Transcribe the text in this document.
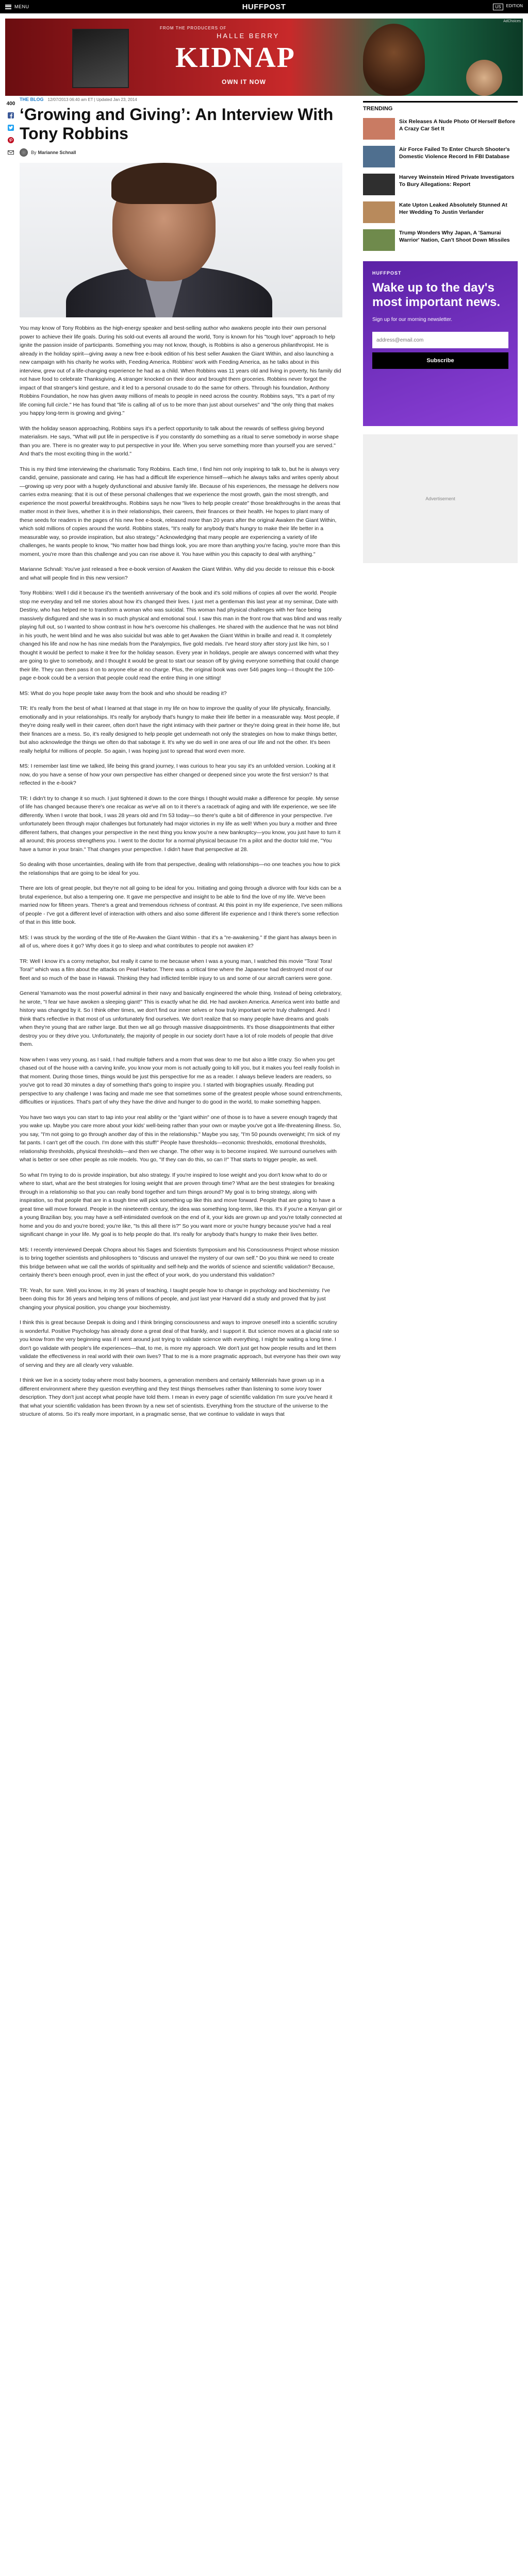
MENU	HUFFPOST	US	EDITION
AdChoices
FROM THE PRODUCERS OF
HALLE BERRY
KIDNAP
OWN IT NOW
400
THE BLOG 12/07/2013 06:40 am ET | Updated Jan 23, 2014
‘Growing and Giving’: An Interview With Tony Robbins
By Marianne Schnall

You may know of Tony Robbins as the high-energy speaker and best-selling author who awakens people into their own personal power to achieve their life goals. During his sold-out events all around the world, Tony is known for his "tough love" approach to help ignite the passion inside of participants. Something you may not know, though, is Robbins is also a generous philanthropist. He is already in the holiday spirit—giving away a new free e-book edition of his best seller Awaken the Giant Within, and also launching a new campaign with his charity he works with, Feeding America. Robbins' work with Feeding America, as he talks about in this interview, grew out of a life-changing experience he had as a child. When Robbins was 11 years old and living in poverty, his family did not have food to celebrate Thanksgiving. A stranger knocked on their door and brought them groceries. Robbins never forgot the impact of that stranger's kind gesture, and it led to a personal crusade to do the same for others. Through his foundation, Anthony Robbins Foundation, he now has given away millions of meals to people in need across the country. Robbins says, "It's a part of my life coming full circle." He has found that "life is calling all of us to be more than just about ourselves" and "the only thing that makes you happy long-term is growing and giving."

With the holiday season approaching, Robbins says it's a perfect opportunity to talk about the rewards of selfless giving beyond materialism. He says, "What will put life in perspective is if you constantly do something as a ritual to serve somebody in worse shape than you are. There is no greater way to put perspective in your life. When you serve something more than yourself you are served." And that's the most exciting thing in the world."

This is my third time interviewing the charismatic Tony Robbins. Each time, I find him not only inspiring to talk to, but he is always very candid, genuine, passionate and caring. He has had a difficult life experience himself—which he always talks and writes openly about—growing up very poor with a hugely dysfunctional and abusive family life. Because of his experiences, the message he delivers now carries extra meaning: that it is out of these personal challenges that we experience the most growth, gain the most strength, and experience the most powerful breakthroughs. Robbins says he now "lives to help people create" those breakthroughs in the areas that matter most in their lives, whether it is in their relationships, their careers, their finances or their health. He hopes to plant many of these seeds for readers in the pages of his new free e-book, released more than 20 years after the original Awaken the Giant Within, which sold millions of copies around the world. Robbins states, "It's really for anybody that's hungry to make their life better in a measurable way, so provide inspiration, but also strategy." Acknowledging that many people are experiencing a variety of life challenges, he wants people to know, "No matter how bad things look, you are more than anything you're facing, you're more than this moment, you're more than this challenge and you can rise above it. You have within you this capacity to deal with anything."

Marianne Schnall: You've just released a free e-book version of Awaken the Giant Within. Why did you decide to reissue this e-book and what will people find in this new version?

Tony Robbins: Well I did it because it's the twentieth anniversary of the book and it's sold millions of copies all over the world. People stop me everyday and tell me stories about how it's changed their lives. I just met a gentleman this last year at my seminar, Date with Destiny, who has helped me to transform a woman who was suicidal. This woman had physical challenges with her face being massively disfigured and she was in so much physical and emotional soul. I saw this man in the front row that was blind and was really playing full out, so I wanted to show contrast in how he's overcome his challenges. He shared with the audience that he was not blind in his youth, he went blind and he was also suicidal but was able to get Awaken the Giant Within in braille and read it. It completely changed his life and now he has nine medals from the Paralympics, five gold medals. I've heard story after story just like him, so I thought it would be perfect to make it free for the holiday season. Every year in holidays, people are always concerned with what they are going to give to somebody, and I thought it would be great to start our season off by giving everyone something that could change their life. They can then pass it on to anyone else at no charge. Plus, the original book was over 546 pages long—I thought the 100-page e-book could be a version that people could read the entire thing in one sitting!

MS: What do you hope people take away from the book and who should be reading it?

TR: It's really from the best of what I learned at that stage in my life on how to improve the quality of your life physically, financially, emotionally and in your relationships. It's really for anybody that's hungry to make their life better in a measurable way. Most people, if they're doing really well in their career, often don't have the right intimacy with their partner or they're doing great in their home life, but their finances are a mess. So, it's really designed to help people get underneath not only the strategies on how to make things better, but also acknowledge the things we often do that sabotage it. It's why we do well in one area of our life and not the other. It's been really helpful for millions of people. So again, I was hoping just to spread that word even more.

MS: I remember last time we talked, life being this grand journey, I was curious to hear you say it's an unfolded version. Looking at it now, do you have a sense of how your own perspective has either changed or deepened since you wrote the first version? Is that reflected in the e-book?

TR: I didn't try to change it so much. I just tightened it down to the core things I thought would make a difference for people. My sense of life has changed because there's one recalcar as we've all on to it there's a racetrack of aging and with life experience, we see life differently. When I wrote that book, I was 28 years old and I'm 53 today—so there's quite a bit of difference in your perspective. I've unfortunately been through major challenges but fortunately had major victories in my life as well! When you bury a mother and three different fathers, that changes your perspective in the next thing you know you're a new bankruptcy—you know, you just have to turn it all around; this process strengthens you. I went to the doctor for a normal physical because I'm a pilot and the doctor told me, "You have a tumor in your brain." That changes your perspective. I didn't have that perspective at 28.

So dealing with those uncertainties, dealing with life from that perspective, dealing with relationships—no one teaches you how to pick the relationships that are going to be ideal for you.

There are lots of great people, but they're not all going to be ideal for you. Initiating and going through a divorce with four kids can be a brutal experience, but also a tempering one. It gave me perspective and insight to be able to find the love of my life. We've been married now for fifteen years. There's a great and tremendous richness of contrast. At this point in my life experience, I've seen millions of people - I've got a different level of interaction with others and also some different life experience and I think there's some reflection of that in this little book.

MS: I was struck by the wording of the title of Re-Awaken the Giant Within - that it's a "re-awakening." If the giant has always been in all of us, where does it go? Why does it go to sleep and what contributes to people not awaken it?

TR: Well I know it's a corny metaphor, but really it came to me because when I was a young man, I watched this movie "Tora! Tora! Tora!" which was a film about the attacks on Pearl Harbor. There was a critical time where the Japanese had destroyed most of our fleet and so much of the base in Hawaii. Thinking they had inflicted terrible injury to us and some of our aircraft carriers were gone.

General Yamamoto was the most powerful admiral in their navy and basically engineered the whole thing. Instead of being celebratory, he wrote, "I fear we have awoken a sleeping giant!" This is exactly what he did. He had awoken America. America went into battle and history was changed by it. So I think other times, we don't find our inner selves or how truly important we're truly challenged. And I think that's reflective in that most of us unfortunately find ourselves. We don't realize that so many people have dreams and goals when they're young that are rather large. But then we all go through massive disappointments. It's those disappointments that either destroy you or they drive you. Unfortunately, the majority of people in our society don't have a lot of role models of people that drive them.

Now when I was very young, as I said, I had multiple fathers and a mom that was dear to me but also a little crazy. So when you get chased out of the house with a carving knife, you know your mom is not actually going to kill you, but it makes you feel really foolish in that moment. During those times, things would be just this perspective for me as a reader. I always believe leaders are readers, so you've got to read 30 minutes a day of something that's going to inspire you. I started with biographies usually. Reading put perspective to any challenge I was facing and made me see that sometimes some of the greatest people whose sound entrenchments, difficulties or injustices. That's part of why they have the drive and hunger to do good in the world, to make something happen.

You have two ways you can start to tap into your real ability or the "giant within" one of those is to have a severe enough tragedy that you wake up. Maybe you care more about your kids' well-being rather than your own or maybe you've got a life-threatening illness. So, you say, "I'm not going to go through another day of this in the relationship." Maybe you say, "I'm 50 pounds overweight; I'm sick of my fat pants. I can't get off the couch. I'm done with this stuff!" People have thresholds—economic thresholds, emotional thresholds, relationship thresholds, physical thresholds—and then we change. The other way is to become inspired. We surround ourselves with what is better or see other people as role models. You go, "If they can do this, so can I!" That starts to trigger people, as well.

So what I'm trying to do is provide inspiration, but also strategy. If you're inspired to lose weight and you don't know what to do or where to start, what are the best strategies for losing weight that are proven through time? What are the best strategies for breaking through in a relationship so that you can really bond together and turn things around? My goal is to bring strategy, along with inspiration, so that people that are in a tough time will pick something up like this and move forward. People that are going to have a great time will move forward. People in the nineteenth century, the idea was something long-term, like this. It's if you're a Kenyan girl or a young Brazilian boy, you may have a self-intimidated overlook on the end of it, your kids are grown up and you're totally connected at home and you do and you're bored; you're like, "Is this all there is?" So you want more or you're hungry because you've had a real significant change in your life. My goal is to help people do that. It's really for anybody that's hungry to make their lives better.

MS: I recently interviewed Deepak Chopra about his Sages and Scientists Symposium and his Consciousness Project whose mission is to bring together scientists and philosophers to "discuss and unravel the mystery of our own self." Do you think we need to create this bridge between what we call the worlds of spirituality and self-help and the worlds of science and scientific validation? Because, certainly there's been enough proof, even in just the effect of your work, do you understand this validation?

TR: Yeah, for sure. Well you know, in my 36 years of teaching, I taught people how to change in psychology and biochemistry. I've been doing this for 36 years and helping tens of millions of people, and just last year Harvard did a study and proved that by just changing your physical position, you change your biochemistry.

I think this is great because Deepak is doing and I think bringing consciousness and ways to improve oneself into a scientific scrutiny is wonderful. Positive Psychology has already done a great deal of that frankly, and I support it. But science moves at a glacial rate so you know from the very beginning was if I went around just trying to validate science with everything, I might be waiting a long time. I don't go validate with people's life experiences—that, to me, is more my approach. We don't just get how people results and let them validate the effectiveness in real world with their own lives? That to me is a more pragmatic approach, but everyone has their own way of serving and they are all clearly very valuable.

I think we live in a society today where most baby boomers, a generation members and certainly Millennials have grown up in a different environment where they question everything and they test things themselves rather than listening to some ivory tower description. They don't just accept what people have told them. I mean in every page of scientific validation I'm sure you've heard it that what your scientific validation has been thrown by a new set of scientists. Everything from the structure of the universe to the structure of atoms. So it's really more important, in a pragmatic sense, that we continue to validate in ways that

TRENDING
Six Releases A Nude Photo Of Herself Before A Crazy Car Set It
Air Force Failed To Enter Church Shooter's Domestic Violence Record In FBI Database
Harvey Weinstein Hired Private Investigators To Bury Allegations: Report
Kate Upton Leaked Absolutely Stunned At Her Wedding To Justin Verlander
Trump Wonders Why Japan, A 'Samurai Warrior' Nation, Can't Shoot Down Missiles
HUFFPOST
Wake up to the day's most important news.
Sign up for our morning newsletter.
address@email.com Subscribe
Advertisement
